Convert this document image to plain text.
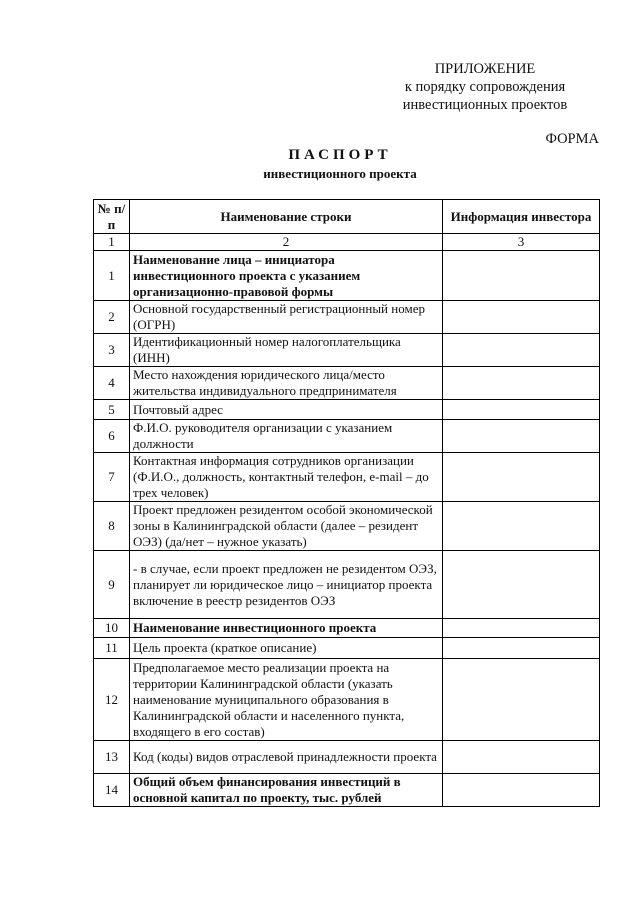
ПРИЛОЖЕНИЕ
к порядку сопровождения
инвестиционных проектов
ФОРМА
ПАСПОРТ
инвестиционного проекта
№ п/п	Наименование строки	Информация инвестора
1	2	3
1	Наименование лица – инициатора инвестиционного проекта с указанием организационно-правовой формы	
2	Основной государственный регистрационный номер (ОГРН)	
3	Идентификационный номер налогоплательщика (ИНН)	
4	Место нахождения юридического лица/место жительства индивидуального предпринимателя	
5	Почтовый адрес	
6	Ф.И.О. руководителя организации с указанием должности	
7	Контактная информация сотрудников организации (Ф.И.О., должность, контактный телефон, e-mail – до трех человек)	
8	Проект предложен резидентом особой экономической зоны в Калининградской области (далее – резидент ОЭЗ) (да/нет – нужное указать)	
9	- в случае, если проект предложен не резидентом ОЭЗ, планирует ли юридическое лицо – инициатор проекта включение в реестр резидентов ОЭЗ	
10	Наименование инвестиционного проекта	
11	Цель проекта (краткое описание)	
12	Предполагаемое место реализации проекта на территории Калининградской области (указать наименование муниципального образования в Калининградской области и населенного пункта, входящего в его состав)	
13	Код (коды) видов отраслевой принадлежности проекта	
14	Общий объем финансирования инвестиций в основной капитал по проекту, тыс. рублей	
